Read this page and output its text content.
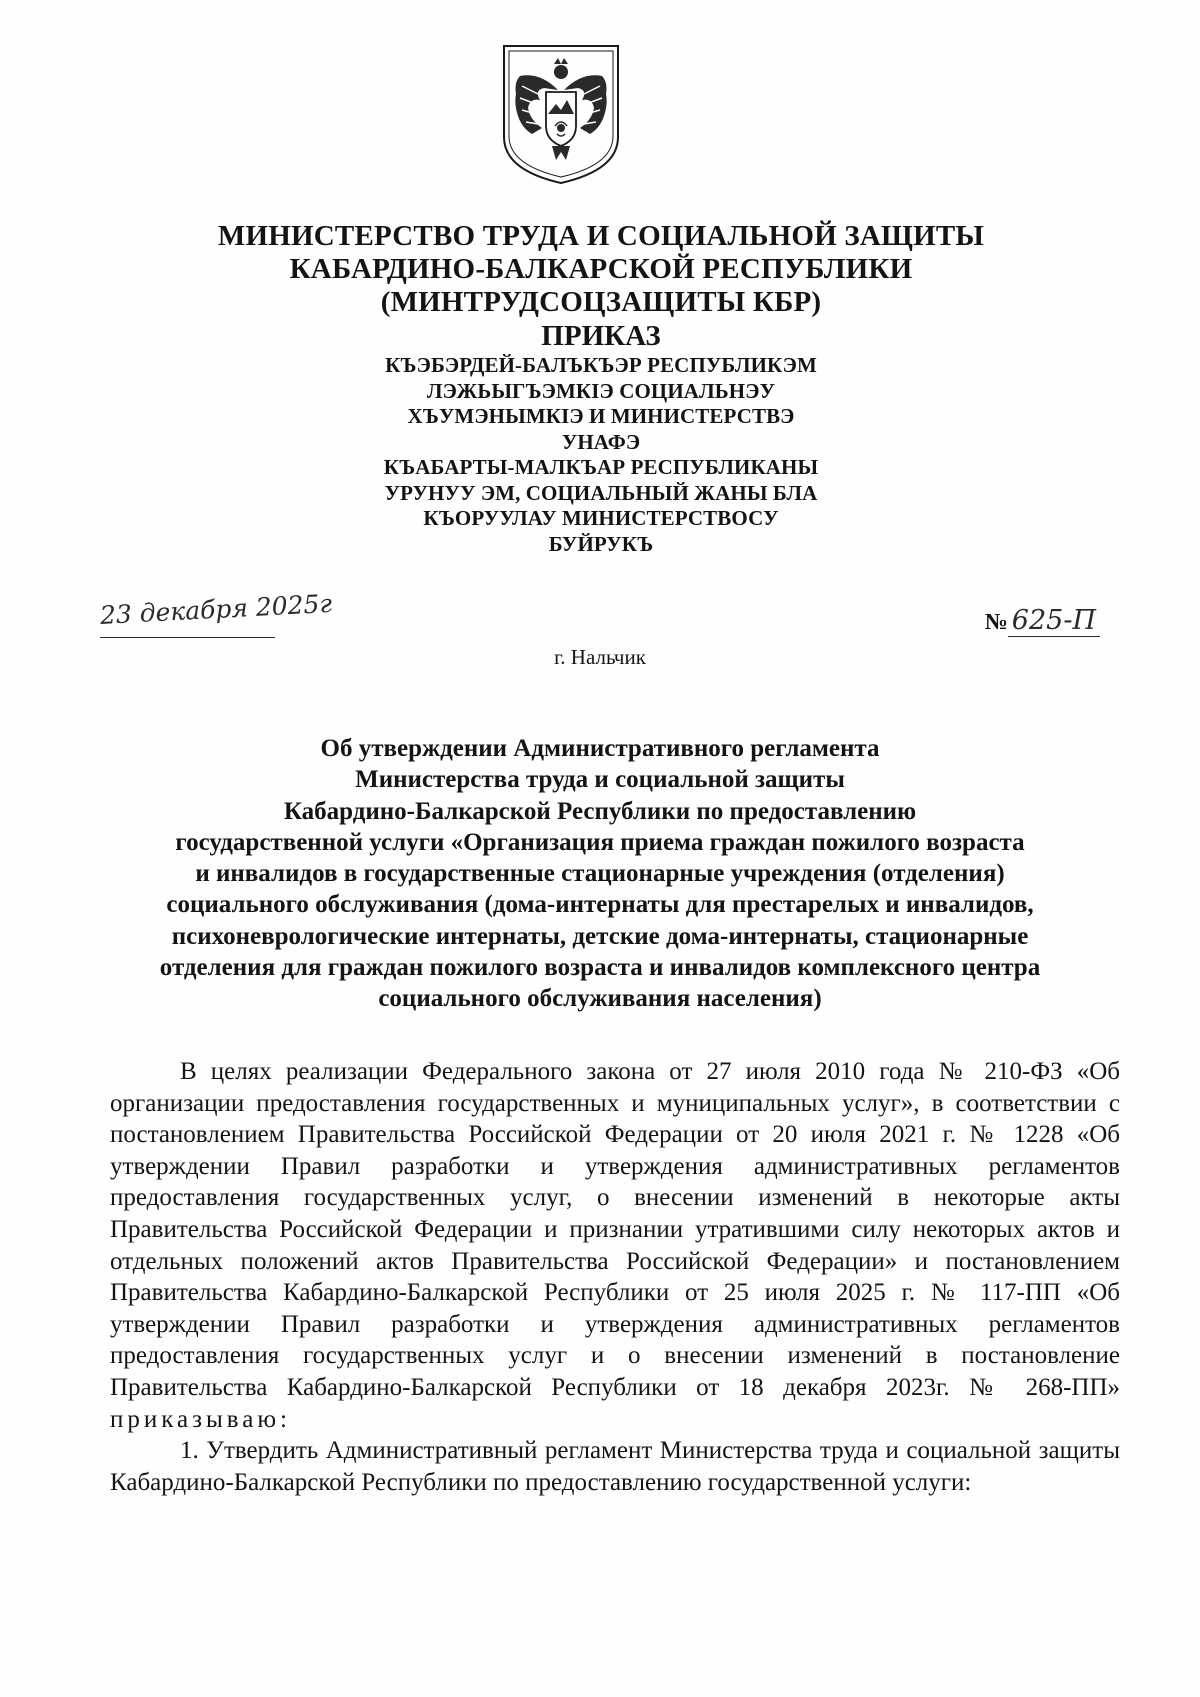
МИНИСТЕРСТВО ТРУДА И СОЦИАЛЬНОЙ ЗАЩИТЫ
КАБАРДИНО-БАЛКАРСКОЙ РЕСПУБЛИКИ
(МИНТРУДСОЦЗАЩИТЫ КБР)
ПРИКАЗ
КЪЭБЭРДЕЙ-БАЛЪКЪЭР РЕСПУБЛИКЭМ
ЛЭЖЬЫГЪЭМКIЭ СОЦИАЛЬНЭУ
ХЪУМЭНЫМКIЭ И МИНИСТЕРСТВЭ
УНАФЭ
КЪАБАРТЫ-МАЛКЪАР РЕСПУБЛИКАНЫ
УРУНУУ ЭМ, СОЦИАЛЬНЫЙ ЖАНЫ БЛА
КЪОРУУЛАУ МИНИСТЕРСТВОСУ
БУЙРУКЪ
23 декабря 2025г	№ 625-П
г. Нальчик
Об утверждении Административного регламента
Министерства труда и социальной защиты
Кабардино-Балкарской Республики по предоставлению
государственной услуги «Организация приема граждан пожилого возраста
и инвалидов в государственные стационарные учреждения (отделения)
социального обслуживания (дома-интернаты для престарелых и инвалидов,
психоневрологические интернаты, детские дома-интернаты, стационарные
отделения для граждан пожилого возраста и инвалидов комплексного центра
социального обслуживания населения)

В целях реализации Федерального закона от 27 июля 2010 года № 210-ФЗ «Об организации предоставления государственных и муниципальных услуг», в соответствии с постановлением Правительства Российской Федерации от 20 июля 2021 г. № 1228 «Об утверждении Правил разработки и утверждения административных регламентов предоставления государственных услуг, о внесении изменений в некоторые акты Правительства Российской Федерации и признании утратившими силу некоторых актов и отдельных положений актов Правительства Российской Федерации» и постановлением Правительства Кабардино-Балкарской Республики от 25 июля 2025 г. № 117-ПП «Об утверждении Правил разработки и утверждения административных регламентов предоставления государственных услуг и о внесении изменений в постановление Правительства Кабардино-Балкарской Республики от 18 декабря 2023г. № 268-ПП» приказываю:

1. Утвердить Административный регламент Министерства труда и социальной защиты Кабардино-Балкарской Республики по предоставлению государственной услуги:
